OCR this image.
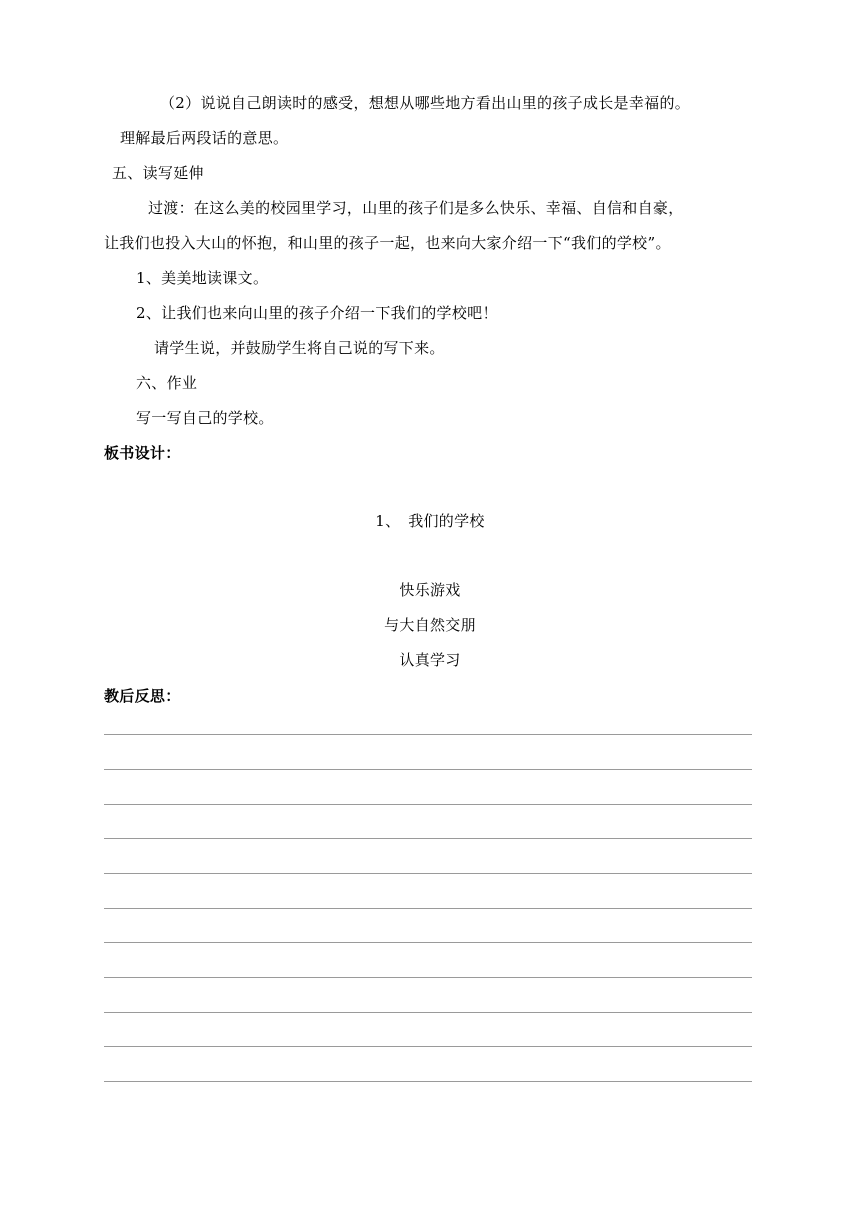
（2）说说自己朗读时的感受，想想从哪些地方看出山里的孩子成长是幸福的。
理解最后两段话的意思。
五、读写延伸
过渡：在这么美的校园里学习，山里的孩子们是多么快乐、幸福、自信和自豪，
让我们也投入大山的怀抱，和山里的孩子一起，也来向大家介绍一下“我们的学校”。
1、美美地读课文。
2、让我们也来向山里的孩子介绍一下我们的学校吧！
请学生说，并鼓励学生将自己说的写下来。
六、作业
写一写自己的学校。
板书设计：
1、　我们的学校
快乐游戏
与大自然交朋
认真学习
教后反思：
